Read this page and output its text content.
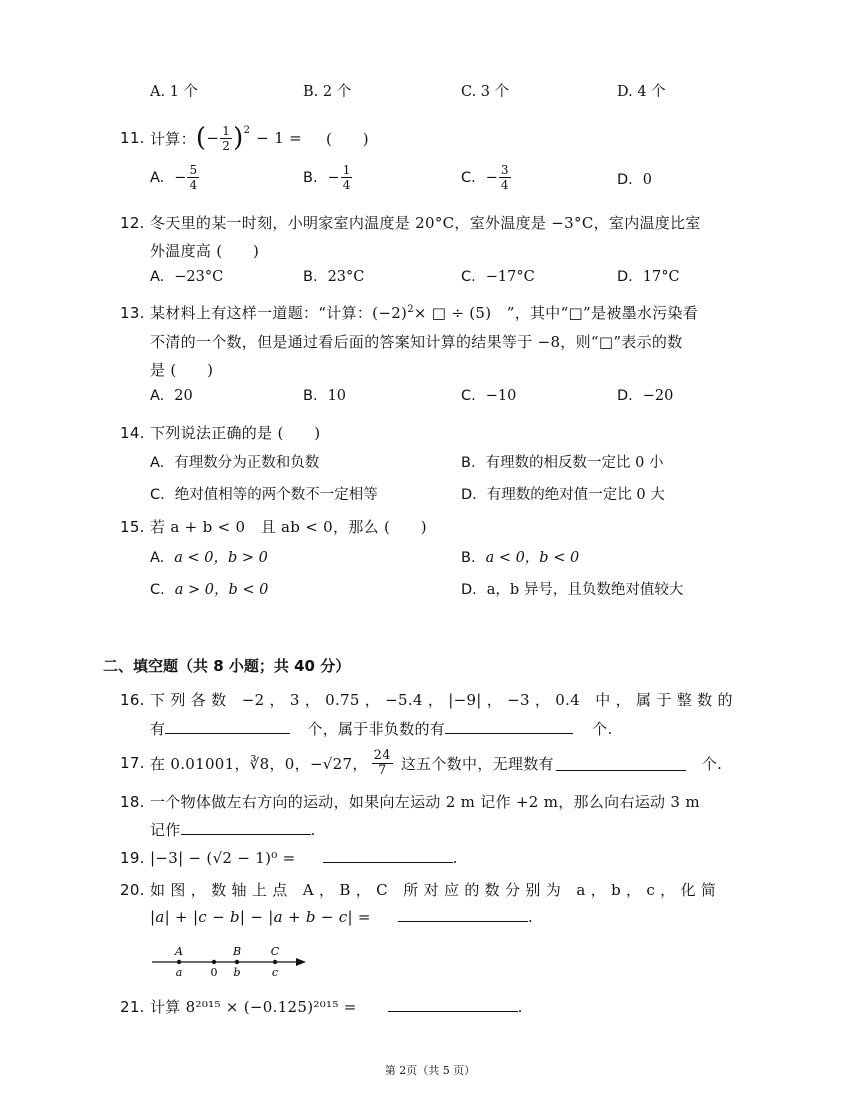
A. 1 个	B. 2 个	C. 3 个	D. 4 个
11. 计算： ( − $\frac{1}{2} )^2 - 1$ = (　　)
A. − $\frac{5}{4}$	B. − $\frac{1}{4}$	C. − $\frac{3}{4}$	D. 0
12. 冬天里的某一时刻，小明家室内温度是 20°C，室外温度是 −3°C，室内温度比室
外温度高 (　　)
A. −23°C	B. 23°C	C. −17°C	D. 17°C
13. 某材料上有这样一道题：“计算：$(-2)^2\times$ □ ÷ (5)　”，其中“□”是被墨水污染看
不清的一个数，但是通过看后面的答案知计算的结果等于 −8，则“□”表示的数
是 (　　)
A. 20	B. 10	C. −10	D. −20
14. 下列说法正确的是 (　　)
A. 有理数分为正数和负数	B. 有理数的相反数一定比 0 小
C. 绝对值相等的两个数不一定相等	D. 有理数的绝对值一定比 0 大
15. 若 a + b < 0　且 ab < 0，那么 (　　)
A. a < 0，b > 0	B. a < 0，b < 0
C. a > 0，b < 0	D. a，b 异号，且负数绝对值较大
二、填空题（共 8 小题；共 40 分）
16. 下 列 各 数　−2 ， 3 ， 0.75 ， −5.4 ， |−9| ， −3 ， 0.4　中 ， 属 于 整 数 的
有	个，属于非负数的有	个.
17. 在 0.01001，∛8，0，−√27， $\frac{24}{7}$ 这五个数中，无理数有	个.
18. 一个物体做左右方向的运动，如果向左运动 2 m 记作 +2 m，那么向右运动 3 m
记作	.
19. |−3| − (√2 − 1)⁰ =	.
20. 如 图 ， 数 轴 上 点　A ， B ， C　所 对 应 的 数 分 别 为　a ， b ， c ， 化 简
|a| + |c − b| − |a + b − c| =	.
A	B	C
a	0 b	c
21. 计算 8²⁰¹⁵ × (−0.125)²⁰¹⁵ =	.
第 2页（共 5 页）
